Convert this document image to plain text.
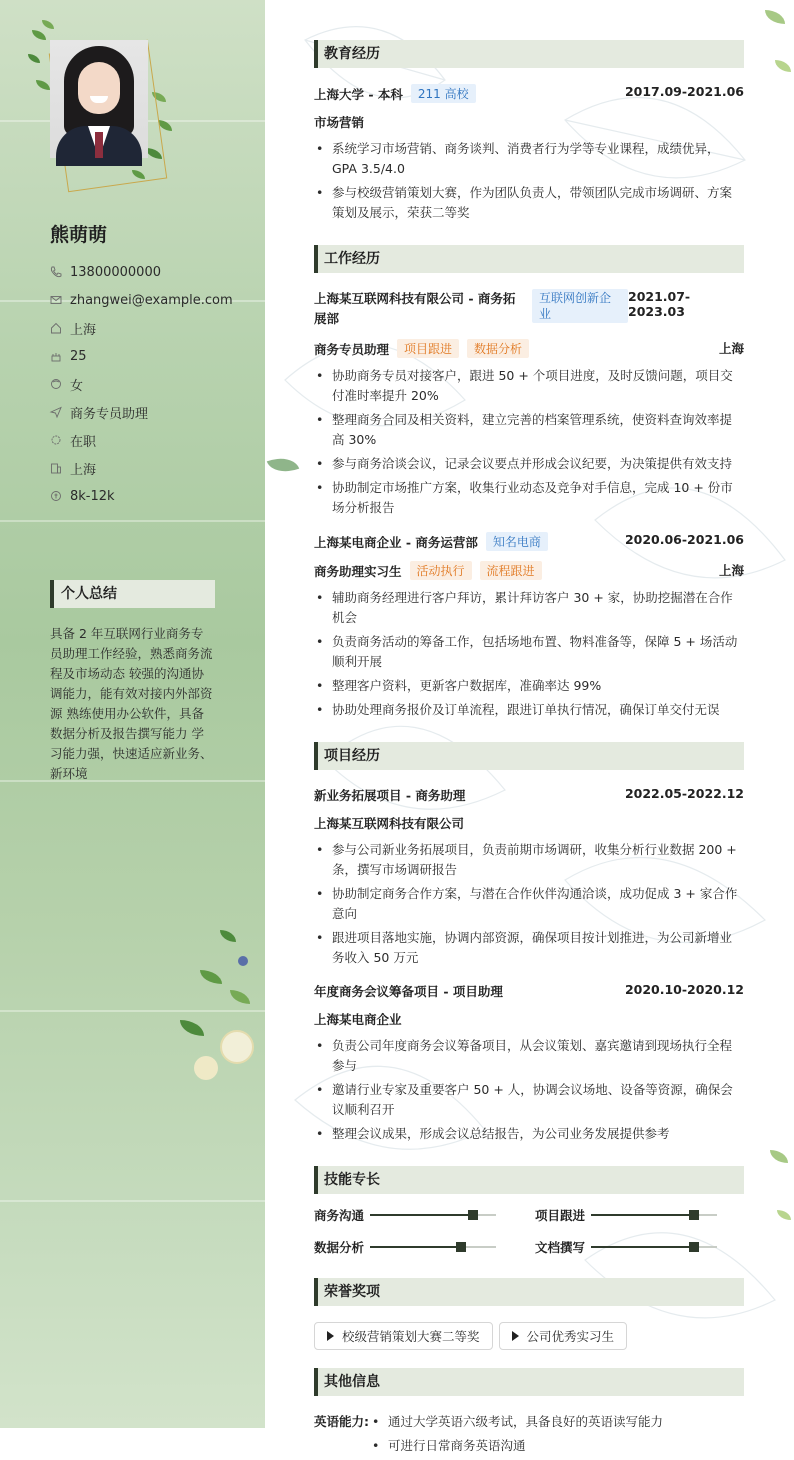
熊萌萌
13800000000
zhangwei@example.com
上海
25
女
商务专员助理
在职
上海
8k-12k
个人总结
具备 2 年互联网行业商务专员助理工作经验，熟悉商务流程及市场动态 较强的沟通协调能力，能有效对接内外部资源 熟练使用办公软件，具备数据分析及报告撰写能力 学习能力强，快速适应新业务、新环境
教育经历
上海大学 - 本科	211 高校	2017.09-2021.06
市场营销
• 系统学习市场营销、商务谈判、消费者行为学等专业课程，成绩优异，GPA 3.5/4.0
• 参与校级营销策划大赛，作为团队负责人，带领团队完成市场调研、方案策划及展示，荣获二等奖
工作经历
上海某互联网科技有限公司 - 商务拓展部
互联网创新企业
2021.07-2023.03
商务专员助理	项目跟进	数据分析	上海
• 协助商务专员对接客户，跟进 50 + 个项目进度，及时反馈问题，项目交付准时率提升 20%
• 整理商务合同及相关资料，建立完善的档案管理系统，使资料查询效率提高 30%
• 参与商务洽谈会议，记录会议要点并形成会议纪要，为决策提供有效支持
• 协助制定市场推广方案，收集行业动态及竞争对手信息，完成 10 + 份市场分析报告
上海某电商企业 - 商务运营部	知名电商	2020.06-2021.06
商务助理实习生	活动执行	流程跟进	上海
• 辅助商务经理进行客户拜访，累计拜访客户 30 + 家，协助挖掘潜在合作机会
• 负责商务活动的筹备工作，包括场地布置、物料准备等，保障 5 + 场活动顺利开展
• 整理客户资料，更新客户数据库，准确率达 99%
• 协助处理商务报价及订单流程，跟进订单执行情况，确保订单交付无误
项目经历
新业务拓展项目 - 商务助理	2022.05-2022.12
上海某互联网科技有限公司
• 参与公司新业务拓展项目，负责前期市场调研，收集分析行业数据 200 + 条，撰写市场调研报告
• 协助制定商务合作方案，与潜在合作伙伴沟通洽谈，成功促成 3 + 家合作意向
• 跟进项目落地实施，协调内部资源，确保项目按计划推进，为公司新增业务收入 50 万元
年度商务会议筹备项目 - 项目助理	2020.10-2020.12
上海某电商企业
• 负责公司年度商务会议筹备项目，从会议策划、嘉宾邀请到现场执行全程参与
• 邀请行业专家及重要客户 50 + 人，协调会议场地、设备等资源，确保会议顺利召开
• 整理会议成果，形成会议总结报告，为公司业务发展提供参考
技能专长
商务沟通	项目跟进
数据分析	文档撰写
荣誉奖项
校级营销策划大赛二等奖	公司优秀实习生
其他信息
英语能力:
•	通过大学英语六级考试，具备良好的英语读写能力
• 可进行日常商务英语沟通
